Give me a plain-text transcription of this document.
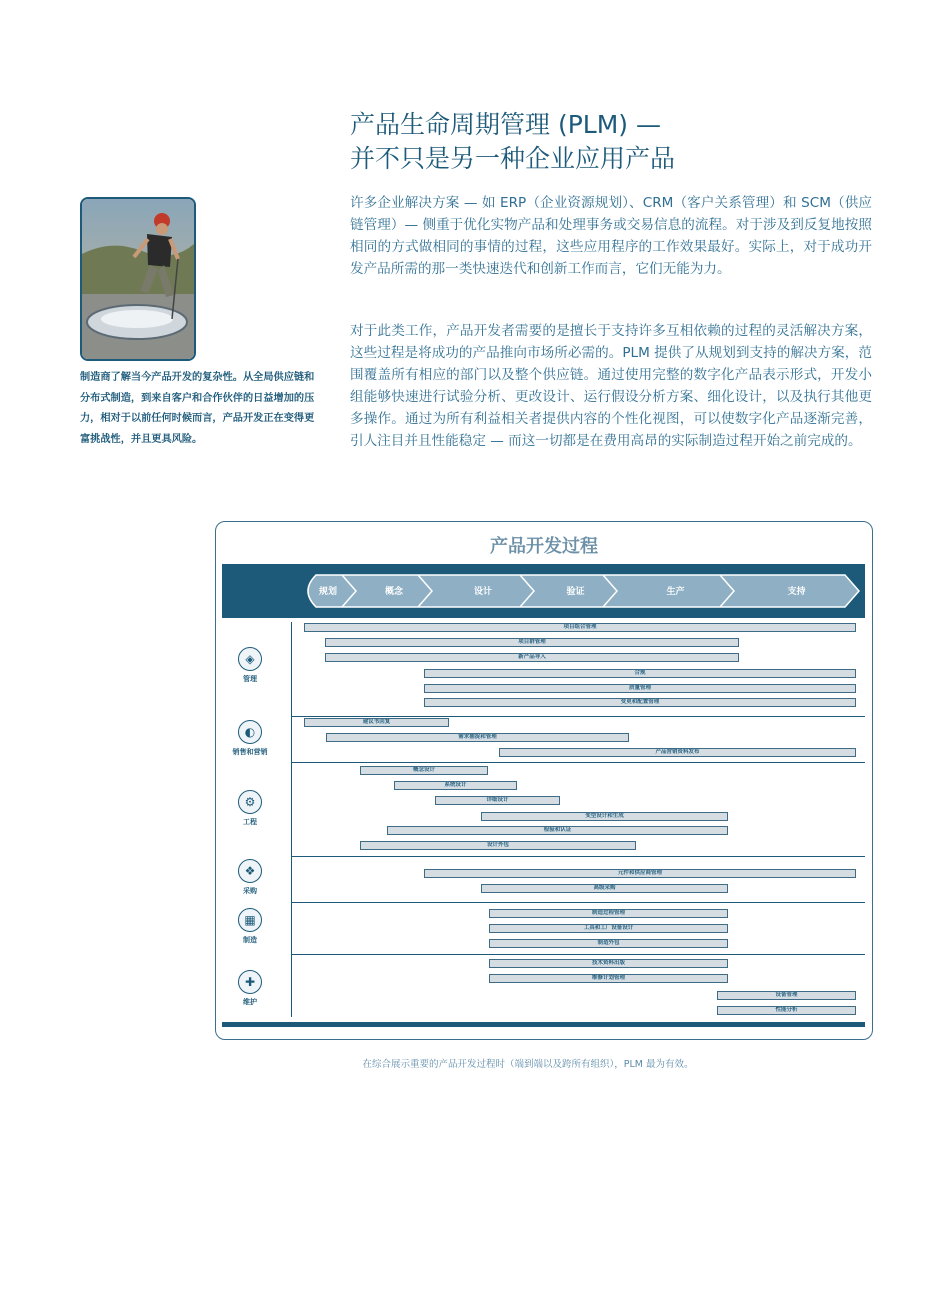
产品生命周期管理 (PLM) —
并不只是另一种企业应用产品

制造商了解当今产品开发的复杂性。从全局供应链和分布式制造，到来自客户和合作伙伴的日益增加的压力，相对于以前任何时候而言，产品开发正在变得更富挑战性，并且更具风险。

许多企业解决方案 — 如 ERP（企业资源规划）、CRM（客户关系管理）和 SCM（供应链管理）— 侧重于优化实物产品和处理事务或交易信息的流程。对于涉及到反复地按照相同的方式做相同的事情的过程，这些应用程序的工作效果最好。实际上，对于成功开发产品所需的那一类快速迭代和创新工作而言，它们无能为力。

对于此类工作，产品开发者需要的是擅长于支持许多互相依赖的过程的灵活解决方案，这些过程是将成功的产品推向市场所必需的。PLM 提供了从规划到支持的解决方案，范围覆盖所有相应的部门以及整个供应链。通过使用完整的数字化产品表示形式，开发小组能够快速进行试验分析、更改设计、运行假设分析方案、细化设计，以及执行其他更多操作。通过为所有利益相关者提供内容的个性化视图，可以使数字化产品逐渐完善，引人注目并且性能稳定 — 而这一切都是在费用高昂的实际制造过程开始之前完成的。

产品开发过程
规划	概念	设计	验证	生产	支持
◈
管理
◐
销售和营销
⚙
工程
❖
采购
▦
制造
✚
维护
项目组合管理
项目群管理
新产品导入
合规
质量管理
变更和配置管理
建议书回复
需求捕捉和管理
产品营销资料发布
概念设计
系统设计
详细设计
变型设计和生成
检验和认证
设计外包
元件和供应商管理
高级采购
制造过程管理
工具和工厂设备设计
制造外包
技术资料出版
维修计划管理
设备管理
性能分析

在综合展示重要的产品开发过程时（端到端以及跨所有组织），PLM 最为有效。
